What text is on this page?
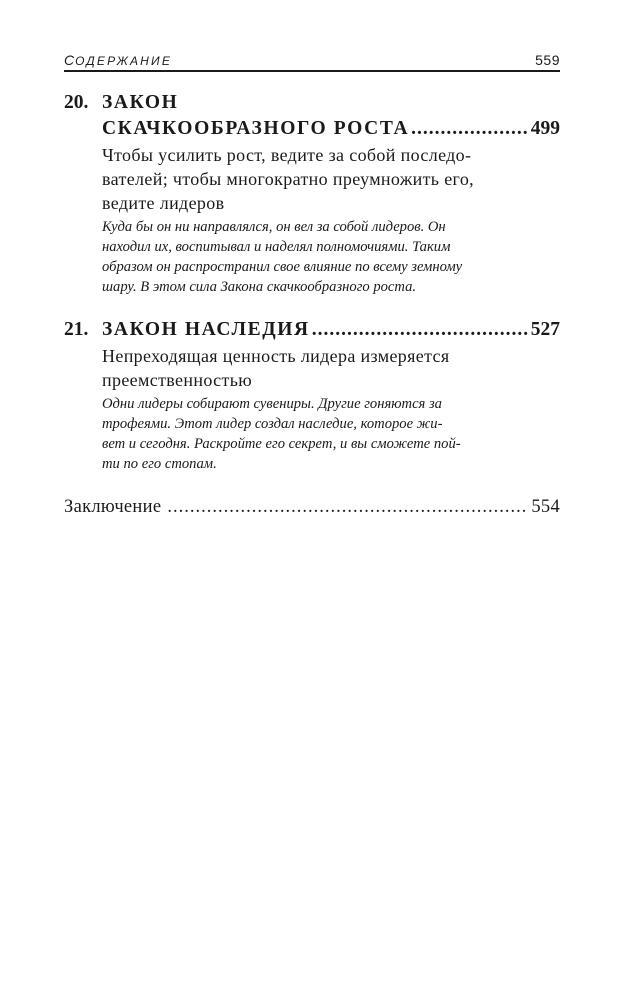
СОДЕРЖАНИЕ	559
20. ЗАКОН
СКАЧКООБРАЗНОГО РОСТА .....	499
Чтобы усилить рост, ведите за собой последо-
вателей; чтобы многократно преумножить его,
ведите лидеров
Куда бы он ни направлялся, он вел за собой лидеров. Он
находил их, воспитывал и наделял полномочиями. Таким
образом он распространил свое влияние по всему земному
шару. В этом сила Закона скачкообразного роста.
21. ЗАКОН НАСЛЕДИЯ .....	527
Непреходящая ценность лидера измеряется
преемственностью
Одни лидеры собирают сувениры. Другие гоняются за
трофеями. Этот лидер создал наследие, которое жи-
вет и сегодня. Раскройте его секрет, и вы сможете пой-
ти по его стопам.
Заключение .....	554
